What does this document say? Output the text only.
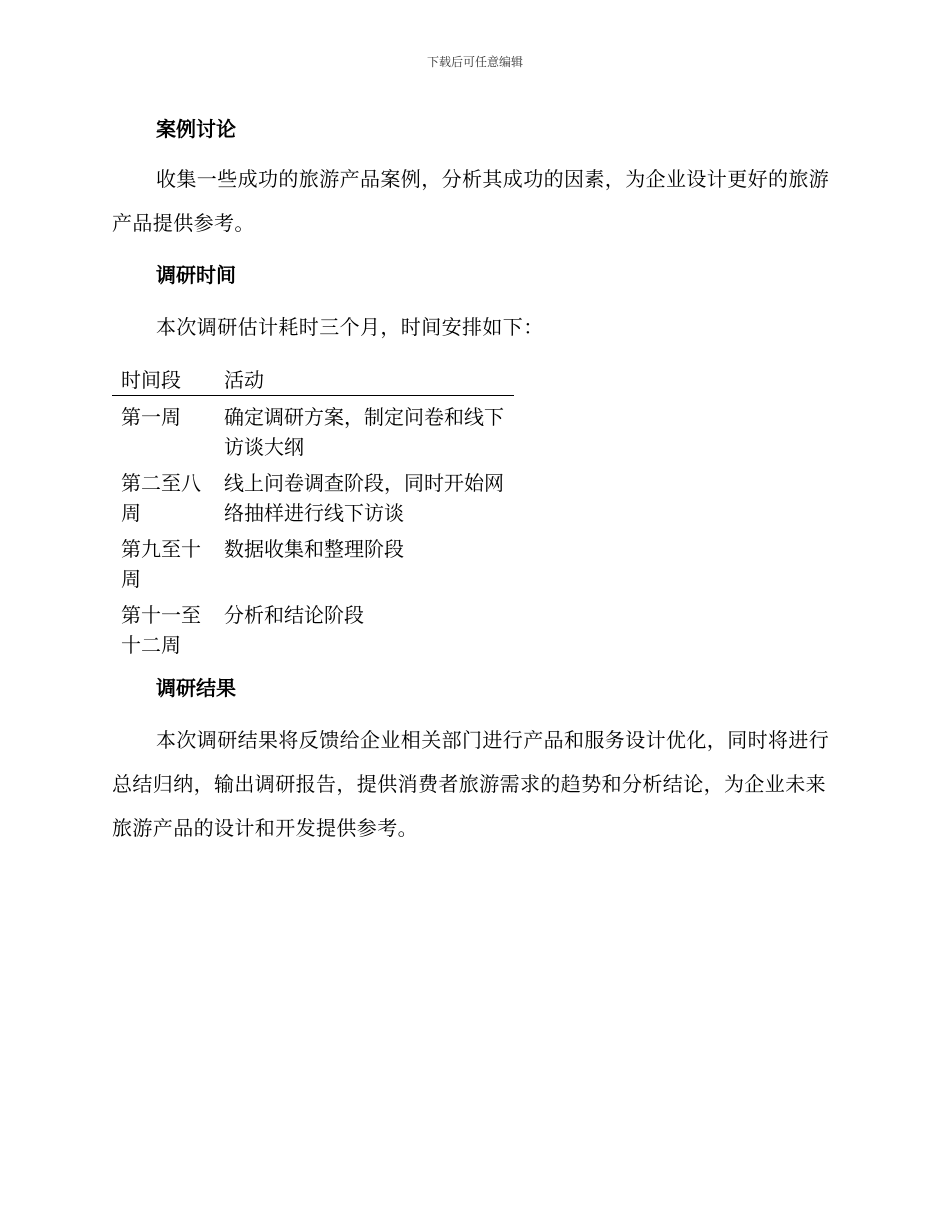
下载后可任意编辑
案例讨论

收集一些成功的旅游产品案例，分析其成功的因素，为企业设计更好的旅游产品提供参考。

调研时间

本次调研估计耗时三个月，时间安排如下：

时间段	活动
第一周	确定调研方案，制定问卷和线下访谈大纲
第二至八周	线上问卷调查阶段，同时开始网络抽样进行线下访谈
第九至十周	数据收集和整理阶段
第十一至十二周	分析和结论阶段
调研结果

本次调研结果将反馈给企业相关部门进行产品和服务设计优化，同时将进行总结归纳，输出调研报告，提供消费者旅游需求的趋势和分析结论，为企业未来旅游产品的设计和开发提供参考。
